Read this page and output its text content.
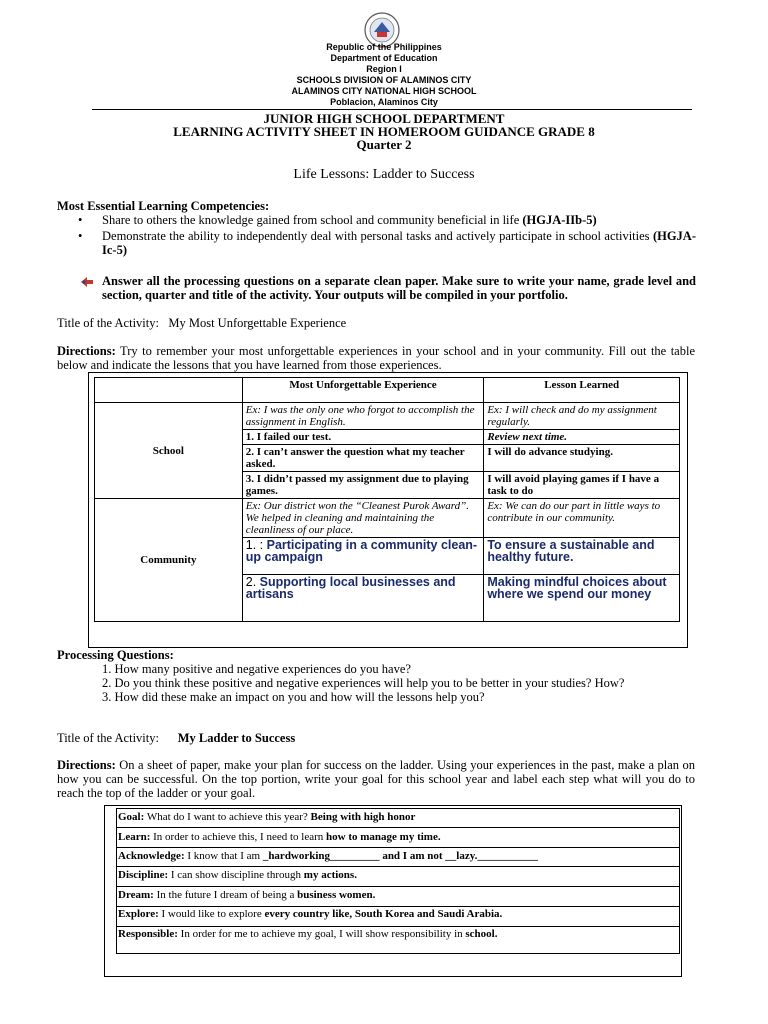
Republic of the Philippines
Department of Education
Region I
SCHOOLS DIVISION OF ALAMINOS CITY
ALAMINOS CITY NATIONAL HIGH SCHOOL
Poblacion, Alaminos City
JUNIOR HIGH SCHOOL DEPARTMENT
LEARNING ACTIVITY SHEET IN HOMEROOM GUIDANCE GRADE 8
Quarter 2
Life Lessons: Ladder to Success
Most Essential Learning Competencies:
• Share to others the knowledge gained from school and community beneficial in life (HGJA-IIb-5)
• Demonstrate the ability to independently deal with personal tasks and actively participate in school activities (HGJA-Ic-5)
Answer all the processing questions on a separate clean paper. Make sure to write your name, grade level and section, quarter and title of the activity. Your outputs will be compiled in your portfolio.
Title of the Activity: My Most Unforgettable Experience
Directions: Try to remember your most unforgettable experiences in your school and in your community. Fill out the table below and indicate the lessons that you have learned from those experiences.
	Most Unforgettable Experience	Lesson Learned
School	Ex: I was the only one who forgot to accomplish the assignment in English.	Ex: I will check and do my assignment regularly.
	1. I failed our test.	Review next time.
	2. I can’t answer the question what my teacher asked.	I will do advance studying.
	3. I didn’t passed my assignment due to playing games.	I will avoid playing games if I have a task to do
Community	Ex: Our district won the “Cleanest Purok Award”. We helped in cleaning and maintaining the cleanliness of our place.	Ex: We can do our part in little ways to contribute in our community.
	1. : Participating in a community clean-up campaign	To ensure a sustainable and healthy future.
	2. Supporting local businesses and artisans	Making mindful choices about where we spend our money
Processing Questions:
1. How many positive and negative experiences do you have?
2. Do you think these positive and negative experiences will help you to be better in your studies? How?
3. How did these make an impact on you and how will the lessons help you?
Title of the Activity: My Ladder to Success
Directions: On a sheet of paper, make your plan for success on the ladder. Using your experiences in the past, make a plan on how you can be successful. On the top portion, write your goal for this school year and label each step what will you do to reach the top of the ladder or your goal.
Goal: What do I want to achieve this year? Being with high honor
Learn: In order to achieve this, I need to learn how to manage my time.
Acknowledge: I know that I am _hardworking_________ and I am not __lazy.___________
Discipline: I can show discipline through my actions.
Dream: In the future I dream of being a business women.
Explore: I would like to explore every country like, South Korea and Saudi Arabia.
Responsible: In order for me to achieve my goal, I will show responsibility in school.
